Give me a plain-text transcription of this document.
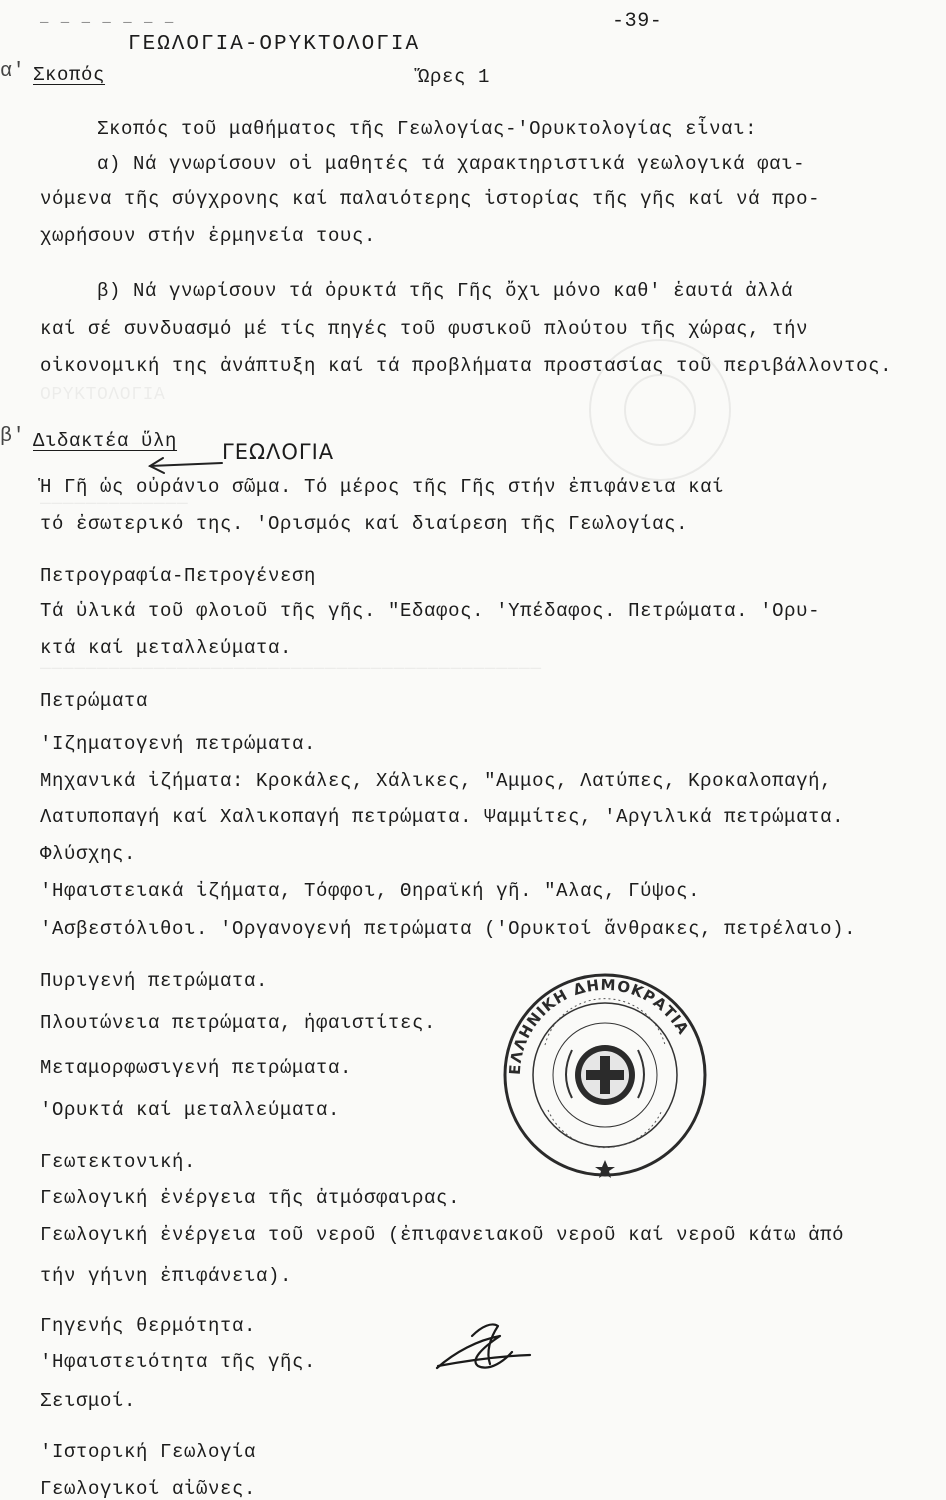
ΟΡΥΚΤΟΛΟΓΙΑ
─────────────
────────────────────────────────────────────
_ _ _ _ _ _ _	-39-
ΓΕΩΛΟΓΙΑ-ΟΡΥΚΤΟΛΟΓΙΑ
α' Σκοπός	Ὥρες 1
Σκοπός τοῦ μαθήματος τῆς Γεωλογίας-'Ορυκτολογίας εἶναι:
α) Νά γνωρίσουν οἱ μαθητές τά χαρακτηριστικά γεωλογικά φαι-
νόμενα τῆς σύγχρονης καί παλαιότερης ἱστορίας τῆς γῆς καί νά προ-
χωρήσουν στήν ἑρμηνεία τους.
β) Νά γνωρίσουν τά ὀρυκτά τῆς Γῆς ὄχι μόνο καθ' ἑαυτά ἀλλά
καί σέ συνδυασμό μέ τίς πηγές τοῦ φυσικοῦ πλούτου τῆς χώρας, τήν
οἰκονομική της ἀνάπτυξη καί τά προβλήματα προστασίας τοῦ περιβάλλοντος.
β' Διδακτέα ὕλη ΓΕΩΛΟΓΙΑ
Ἡ Γῆ ὡς οὐράνιο σῶμα. Τό μέρος τῆς Γῆς στήν ἐπιφάνεια καί
τό ἐσωτερικό της. 'Ορισμός καί διαίρεση τῆς Γεωλογίας.
Πετρογραφία-Πετρογένεση
Τά ὑλικά τοῦ φλοιοῦ τῆς γῆς. "Εδαφος. 'Υπέδαφος. Πετρώματα. 'Ορυ-
κτά καί μεταλλεύματα.
Πετρώματα
'Ιζηματογενή πετρώματα.
Μηχανικά ἰζήματα: Κροκάλες, Χάλικες, "Αμμος, Λατύπες, Κροκαλοπαγή,
Λατυποπαγή καί Χαλικοπαγή πετρώματα. Ψαμμίτες, 'Αργιλικά πετρώματα.
Φλύσχης.
'Ηφαιστειακά ἰζήματα, Τόφφοι, Θηραϊκή γῆ. "Αλας, Γύψος.
'Ασβεστόλιθοι. 'Οργανογενή πετρώματα ('Ορυκτοί ἄνθρακες, πετρέλαιο).
Πυριγενή πετρώματα.
Πλουτώνεια πετρώματα, ἡφαιστίτες.
Μεταμορφωσιγενή πετρώματα.
'Ορυκτά καί μεταλλεύματα.
Γεωτεκτονική.
Γεωλογική ἐνέργεια τῆς ἀτμόσφαιρας.
Γεωλογική ἐνέργεια τοῦ νεροῦ (ἐπιφανειακοῦ νεροῦ καί νεροῦ κάτω ἀπό
τήν γήινη ἐπιφάνεια).
Γηγενής θερμότητα.
'Ηφαιστειότητα τῆς γῆς.
Σεισμοί.
'Ιστορική Γεωλογία
Γεωλογικοί αἰῶνες.
ΕΛΛΗΝΙΚΗ ΔΗΜΟΚΡΑΤΙΑ
